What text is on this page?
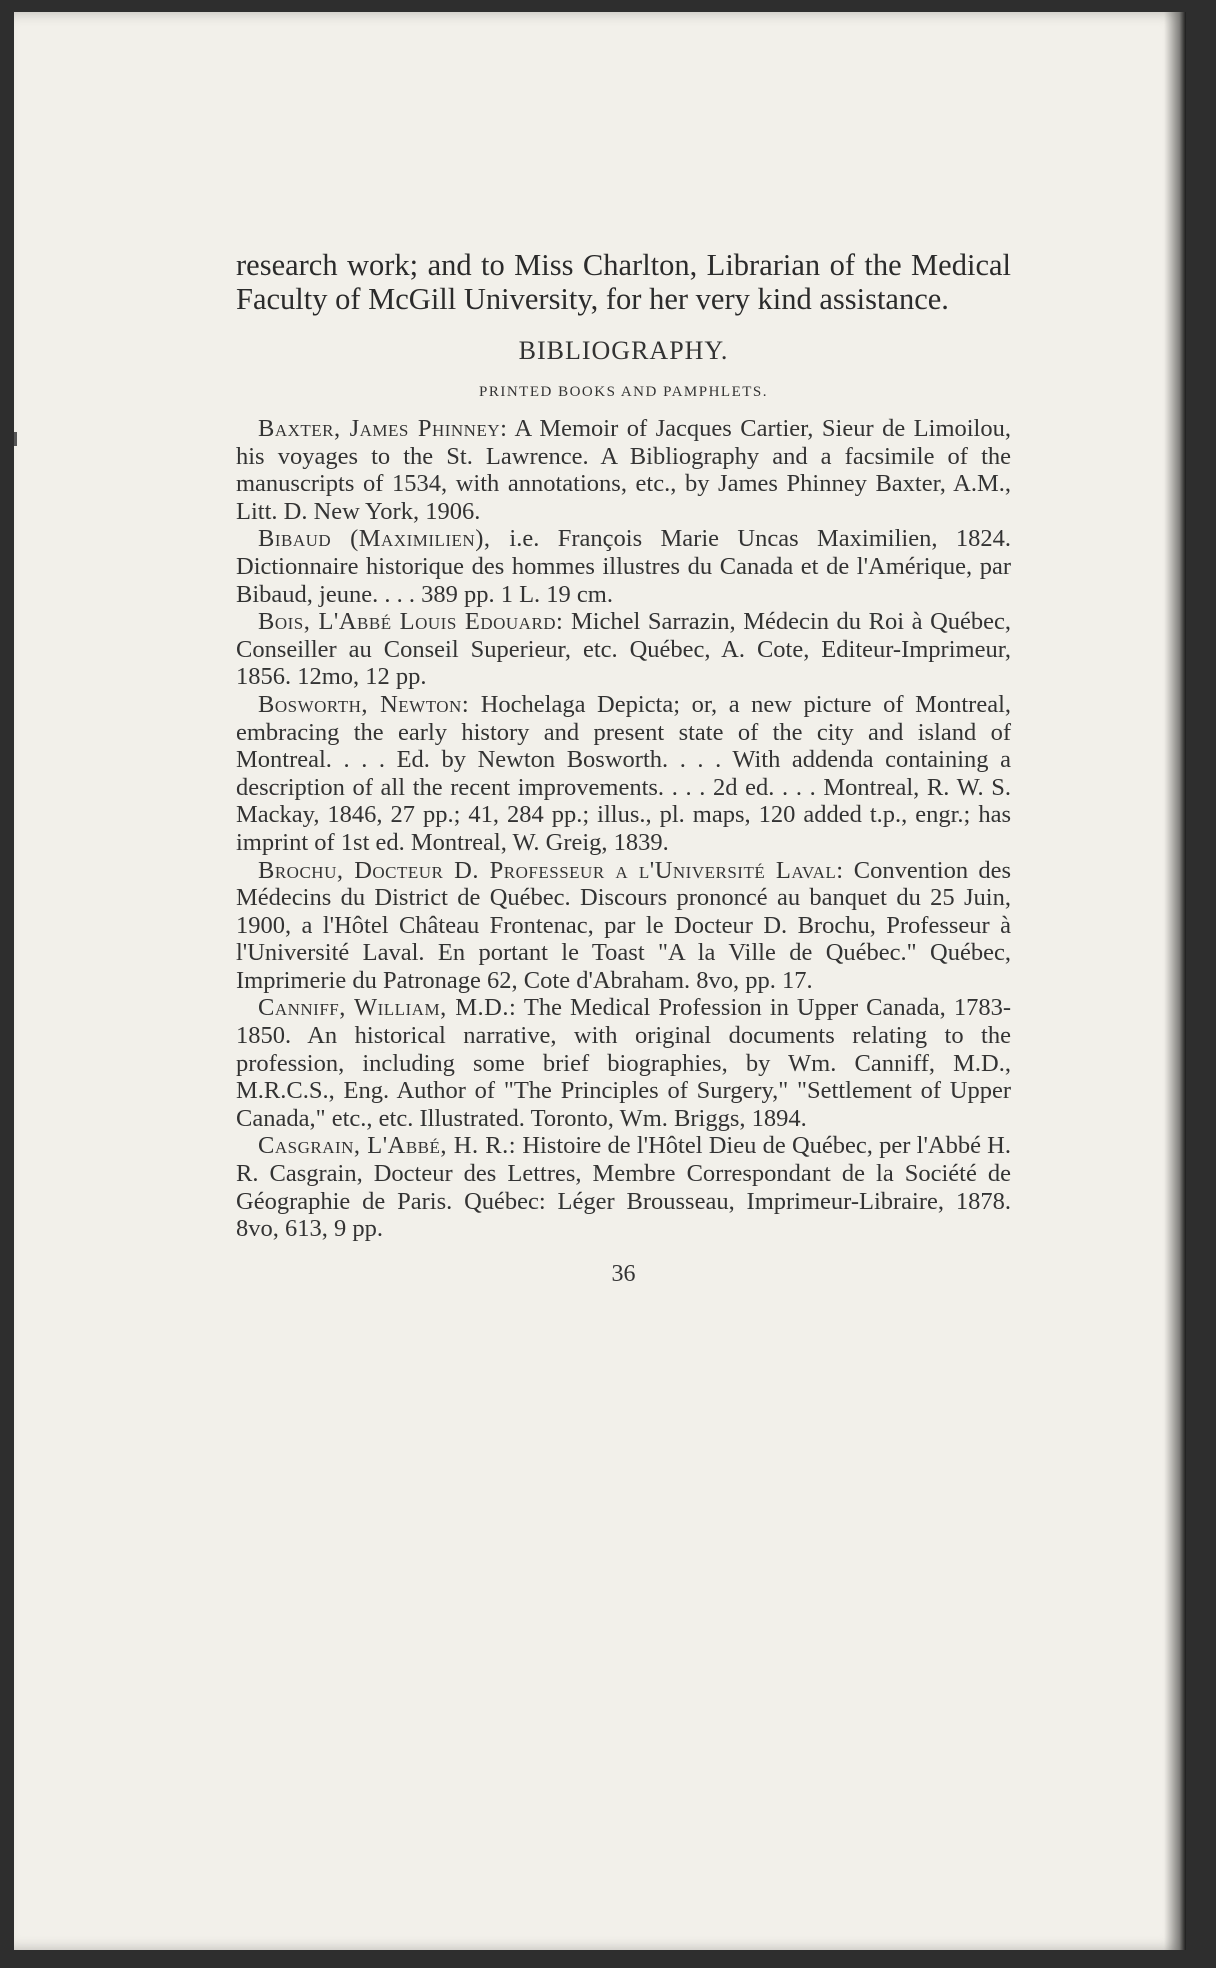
research work; and to Miss Charlton, Librarian of the Medical Faculty of McGill University, for her very kind assistance.

BIBLIOGRAPHY.
PRINTED BOOKS AND PAMPHLETS.
Baxter, James Phinney: A Memoir of Jacques Cartier, Sieur de Limoilou, his voyages to the St. Lawrence. A Bibliography and a facsimile of the manuscripts of 1534, with annotations, etc., by James Phinney Baxter, A.M., Litt. D. New York, 1906.
Bibaud (Maximilien), i.e. François Marie Uncas Maximilien, 1824. Dictionnaire historique des hommes illustres du Canada et de l'Amérique, par Bibaud, jeune. . . . 389 pp. 1 L. 19 cm.
Bois, L'Abbé Louis Edouard: Michel Sarrazin, Médecin du Roi à Québec, Conseiller au Conseil Superieur, etc. Québec, A. Cote, Editeur-Imprimeur, 1856. 12mo, 12 pp.
Bosworth, Newton: Hochelaga Depicta; or, a new picture of Montreal, embracing the early history and present state of the city and island of Montreal. . . . Ed. by Newton Bosworth. . . . With addenda containing a description of all the recent improvements. . . . 2d ed. . . . Montreal, R. W. S. Mackay, 1846, 27 pp.; 41, 284 pp.; illus., pl. maps, 120 added t.p., engr.; has imprint of 1st ed. Montreal, W. Greig, 1839.
Brochu, Docteur D. Professeur a l'Université Laval: Convention des Médecins du District de Québec. Discours prononcé au banquet du 25 Juin, 1900, a l'Hôtel Château Frontenac, par le Docteur D. Brochu, Professeur à l'Université Laval. En portant le Toast "A la Ville de Québec." Québec, Imprimerie du Patronage 62, Cote d'Abraham. 8vo, pp. 17.
Canniff, William, M.D.: The Medical Profession in Upper Canada, 1783-1850. An historical narrative, with original documents relating to the profession, including some brief biographies, by Wm. Canniff, M.D., M.R.C.S., Eng. Author of "The Principles of Surgery," "Settlement of Upper Canada," etc., etc. Illustrated. Toronto, Wm. Briggs, 1894.
Casgrain, L'Abbé, H. R.: Histoire de l'Hôtel Dieu de Québec, per l'Abbé H. R. Casgrain, Docteur des Lettres, Membre Correspondant de la Société de Géographie de Paris. Québec: Léger Brousseau, Imprimeur-Libraire, 1878. 8vo, 613, 9 pp.
36
